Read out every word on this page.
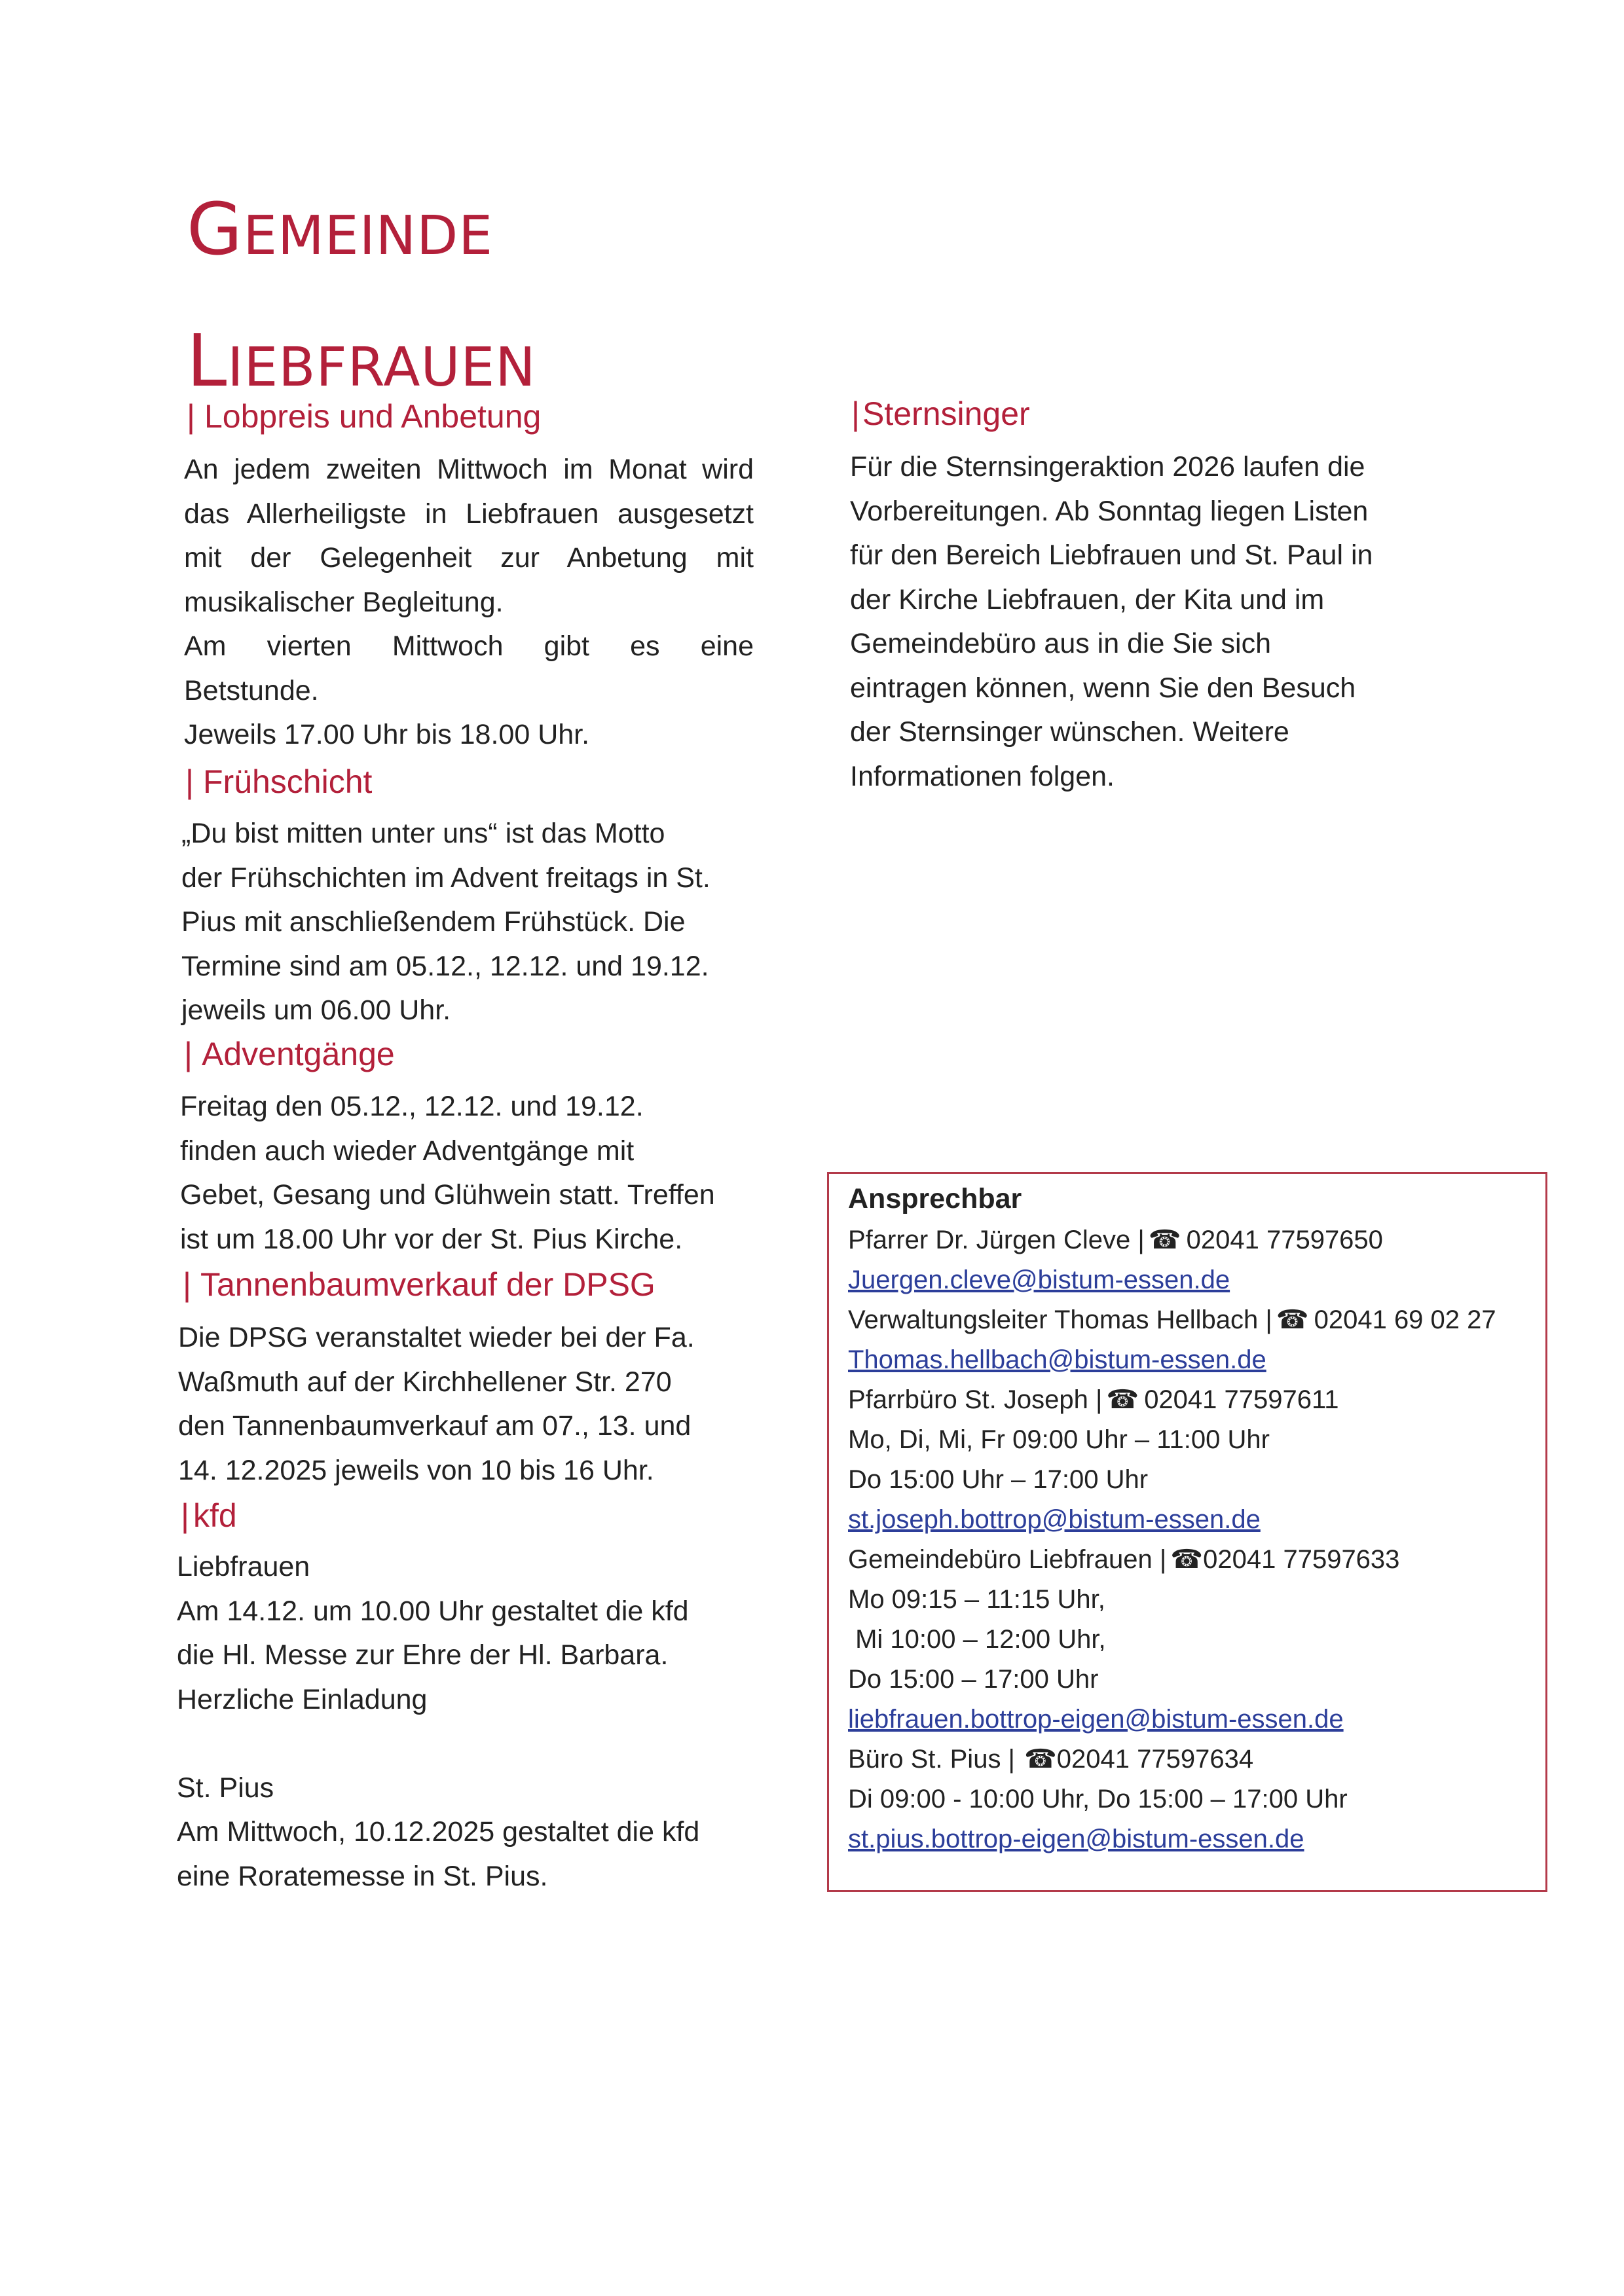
GEMEINDE
LIEBFRAUEN
| Lobpreis und Anbetung
An jedem zweiten Mittwoch im Monat wird
das Allerheiligste in Liebfrauen ausgesetzt
mit der Gelegenheit zur Anbetung mit
musikalischer Begleitung.
Am vierten Mittwoch gibt es eine
Betstunde.
Jeweils 17.00 Uhr bis 18.00 Uhr.
| Frühschicht
„Du bist mitten unter uns“ ist das Motto
der Frühschichten im Advent freitags in St.
Pius mit anschließendem Frühstück. Die
Termine sind am 05.12., 12.12. und 19.12.
jeweils um 06.00 Uhr.
| Adventgänge
Freitag den 05.12., 12.12. und 19.12.
finden auch wieder Adventgänge mit
Gebet, Gesang und Glühwein statt. Treffen
ist um 18.00 Uhr vor der St. Pius Kirche.
| Tannenbaumverkauf der DPSG
Die DPSG veranstaltet wieder bei der Fa.
Waßmuth auf der Kirchhellener Str. 270
den Tannenbaumverkauf am 07., 13. und
14. 12.2025 jeweils von 10 bis 16 Uhr.
| kfd
Liebfrauen
Am 14.12. um 10.00 Uhr gestaltet die kfd
die Hl. Messe zur Ehre der Hl. Barbara.
Herzliche Einladung
St. Pius
Am Mittwoch, 10.12.2025 gestaltet die kfd
eine Roratemesse in St. Pius.
|Sternsinger
Für die Sternsingeraktion 2026 laufen die
Vorbereitungen. Ab Sonntag liegen Listen
für den Bereich Liebfrauen und St. Paul in
der Kirche Liebfrauen, der Kita und im
Gemeindebüro aus in die Sie sich
eintragen können, wenn Sie den Besuch
der Sternsinger wünschen. Weitere
Informationen folgen.
Ansprechbar
Pfarrer Dr. Jürgen Cleve | ☎ 02041 77597650
Juergen.cleve@bistum-essen.de
Verwaltungsleiter Thomas Hellbach | ☎ 02041 69 02 27
Thomas.hellbach@bistum-essen.de
Pfarrbüro St. Joseph | ☎ 02041 77597611
Mo, Di, Mi, Fr 09:00 Uhr – 11:00 Uhr
Do 15:00 Uhr – 17:00 Uhr
st.joseph.bottrop@bistum-essen.de
Gemeindebüro Liebfrauen | ☎02041 77597633
Mo 09:15 – 11:15 Uhr,
Mi 10:00 – 12:00 Uhr,
Do 15:00 – 17:00 Uhr
liebfrauen.bottrop-eigen@bistum-essen.de
Büro St. Pius | ☎02041 77597634
Di 09:00 - 10:00 Uhr, Do 15:00 – 17:00 Uhr
st.pius.bottrop-eigen@bistum-essen.de
